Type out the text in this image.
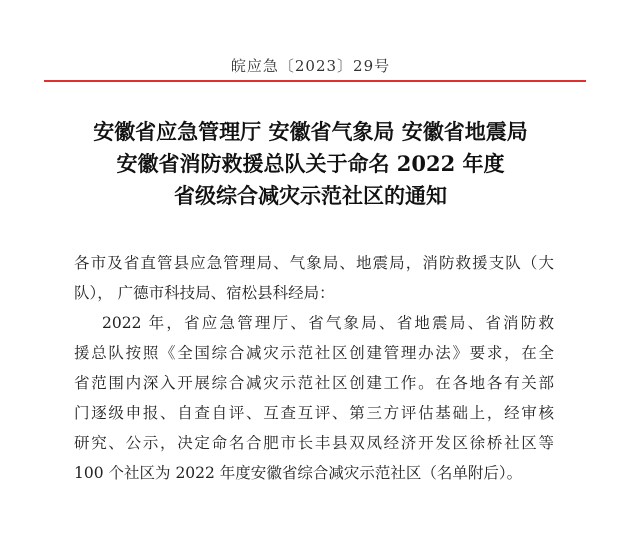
皖应急〔2023〕29号
安徽省应急管理厅 安徽省气象局 安徽省地震局
安徽省消防救援总队关于命名 2022 年度
省级综合减灾示范社区的通知
各市及省直管县应急管理局、气象局、地震局，消防救援支队（大
队）， 广德市科技局、宿松县科经局：
2022 年，省应急管理厅、省气象局、省地震局、省消防救
援总队按照《全国综合减灾示范社区创建管理办法》要求，在全
省范围内深入开展综合减灾示范社区创建工作。在各地各有关部
门逐级申报、自查自评、互查互评、第三方评估基础上，经审核
研究、公示，决定命名合肥市长丰县双凤经济开发区徐桥社区等
100 个社区为 2022 年度安徽省综合减灾示范社区（名单附后）。
